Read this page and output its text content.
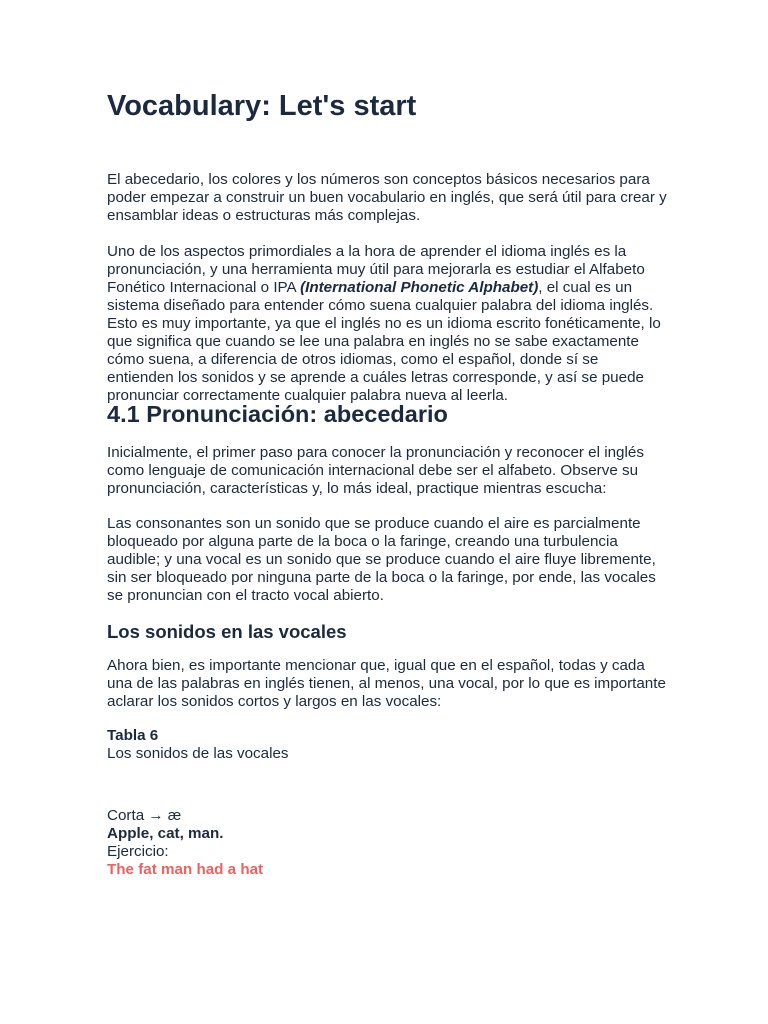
Vocabulary: Let's start

El abecedario, los colores y los números son conceptos básicos necesarios para poder empezar a construir un buen vocabulario en inglés, que será útil para crear y ensamblar ideas o estructuras más complejas.

Uno de los aspectos primordiales a la hora de aprender el idioma inglés es la pronunciación, y una herramienta muy útil para mejorarla es estudiar el Alfabeto Fonético Internacional o IPA (International Phonetic Alphabet), el cual es un sistema diseñado para entender cómo suena cualquier palabra del idioma inglés. Esto es muy importante, ya que el inglés no es un idioma escrito fonéticamente, lo que significa que cuando se lee una palabra en inglés no se sabe exactamente cómo suena, a diferencia de otros idiomas, como el español, donde sí se entienden los sonidos y se aprende a cuáles letras corresponde, y así se puede pronunciar correctamente cualquier palabra nueva al leerla.

4.1 Pronunciación: abecedario

Inicialmente, el primer paso para conocer la pronunciación y reconocer el inglés como lenguaje de comunicación internacional debe ser el alfabeto. Observe su pronunciación, características y, lo más ideal, practique mientras escucha:

Las consonantes son un sonido que se produce cuando el aire es parcialmente bloqueado por alguna parte de la boca o la faringe, creando una turbulencia audible; y una vocal es un sonido que se produce cuando el aire fluye libremente, sin ser bloqueado por ninguna parte de la boca o la faringe, por ende, las vocales se pronuncian con el tracto vocal abierto.

Los sonidos en las vocales

Ahora bien, es importante mencionar que, igual que en el español, todas y cada una de las palabras en inglés tienen, al menos, una vocal, por lo que es importante aclarar los sonidos cortos y largos en las vocales:

Tabla 6
Los sonidos de las vocales
Corta → æ
Apple, cat, man.
Ejercicio:
The fat man had a hat
